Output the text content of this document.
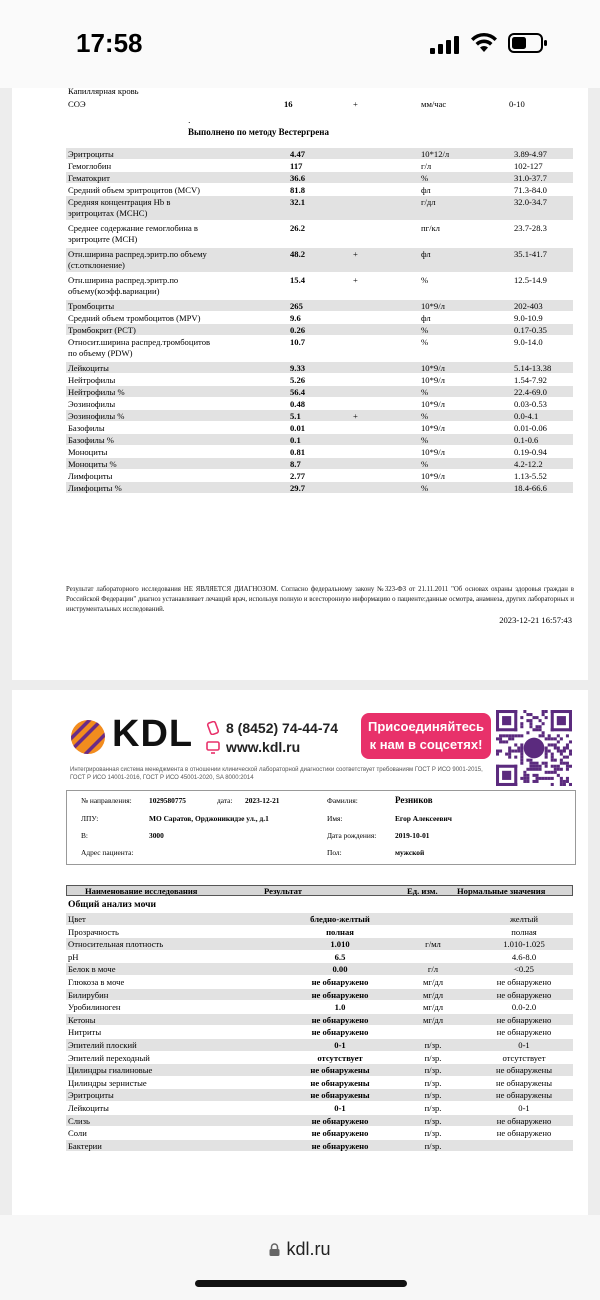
17:58
Капиллярная кровь
СОЭ	16	+	мм/час	0-10
.
Выполнено по методу Вестергрена
Эритроциты	4.47	10*12/л	3.89-4.97
Гемоглобин	117	г/л	102-127
Гематокрит	36.6	%	31.0-37.7
Средний объем эритроцитов (MCV)	81.8	фл	71.3-84.0
Средняя концентрация Hb в
эритроцитах (MCHC)
32.1	г/дл	32.0-34.7
Среднее содержание гемоглобина в
эритроците (MCH)
26.2	пг/кл	23.7-28.3
Отн.ширина распред.эритр.по объему
(ст.отклонение)
48.2	+	фл	35.1-41.7
Отн.ширина распред.эритр.по
объему(коэфф.вариации)
15.4	+	%	12.5-14.9
Тромбоциты	265	10*9/л	202-403
Средний объем тромбоцитов (MPV)	9.6	фл	9.0-10.9
Тромбокрит (PCT)	0.26	%	0.17-0.35
Относит.ширина распред.тромбоцитов
по объему (PDW)
10.7	%	9.0-14.0
Лейкоциты	9.33	10*9/л	5.14-13.38
Нейтрофилы	5.26	10*9/л	1.54-7.92
Нейтрофилы %	56.4	%	22.4-69.0
Эозинофилы	0.48	10*9/л	0.03-0.53
Эозинофилы %	5.1	+	%	0.0-4.1
Базофилы	0.01	10*9/л	0.01-0.06
Базофилы %	0.1	%	0.1-0.6
Моноциты	0.81	10*9/л	0.19-0.94
Моноциты %	8.7	%	4.2-12.2
Лимфоциты	2.77	10*9/л	1.13-5.52
Лимфоциты %	29.7	%	18.4-66.6
Результат лабораторного исследования НЕ ЯВЛЯЕТСЯ ДИАГНОЗОМ. Согласно федеральному закону №323-ФЗ от 21.11.2011 "Об основах охраны здоровья граждан в Российской Федерации" диагноз устанавливает лечащий врач, используя полную и всесторонную информацию о пациенте:данные осмотра, анамнеза, других лабораторных и инструментальных исследований.
2023-12-21 16:57:43
KDL 8 (8452) 74-44-74
www.kdl.ru
Присоединяйтесь
к нам в соцсетях!
Интегрированная система менеджмента в отношении клинической лабораторной диагностики соответствует требованиям ГОСТ Р ИСО 9001-2015, ГОСТ Р ИСО 14001-2016, ГОСТ Р ИСО 45001-2020, SA 8000:2014
№ направления: 1029580775	дата: 2023-12-21	Фамилия:	Резников
ЛПУ:	МО Саратов, Орджоникидзе ул., д.1	Имя:	Егор Алексеевич
В:	3000	Дата рождения:	2019-10-01
Адрес пациента:	Пол:	мужской
Наименование исследования	Результат	Ед. изм. Нормальные значения
Общий анализ мочи
Цвет	бледно-желтый	желтый
Прозрачность	полная	полная
Относительная плотность	1.010	г/мл	1.010-1.025
pH	6.5	4.6-8.0
Белок в моче	0.00	г/л	<0.25
Глюкоза в моче	не обнаружено	мг/дл	не обнаружено
Билирубин	не обнаружено	мг/дл	не обнаружено
Уробилиноген	1.0	мг/дл	0.0-2.0
Кетоны	не обнаружено	мг/дл	не обнаружено
Нитриты	не обнаружено	не обнаружено
Эпителий плоский	0-1	п/зр.	0-1
Эпителий переходный	отсутствует	п/зр.	отсутствует
Цилиндры гиалиновые	не обнаружены	п/зр.	не обнаружены
Цилиндры зернистые	не обнаружены	п/зр.	не обнаружены
Эритроциты	не обнаружены	п/зр.	не обнаружены
Лейкоциты	0-1	п/зр.	0-1
Слизь	не обнаружено	п/зр.	не обнаружено
Соли	не обнаружено	п/зр.	не обнаружено
Бактерии	не обнаружено	п/зр.
kdl.ru
